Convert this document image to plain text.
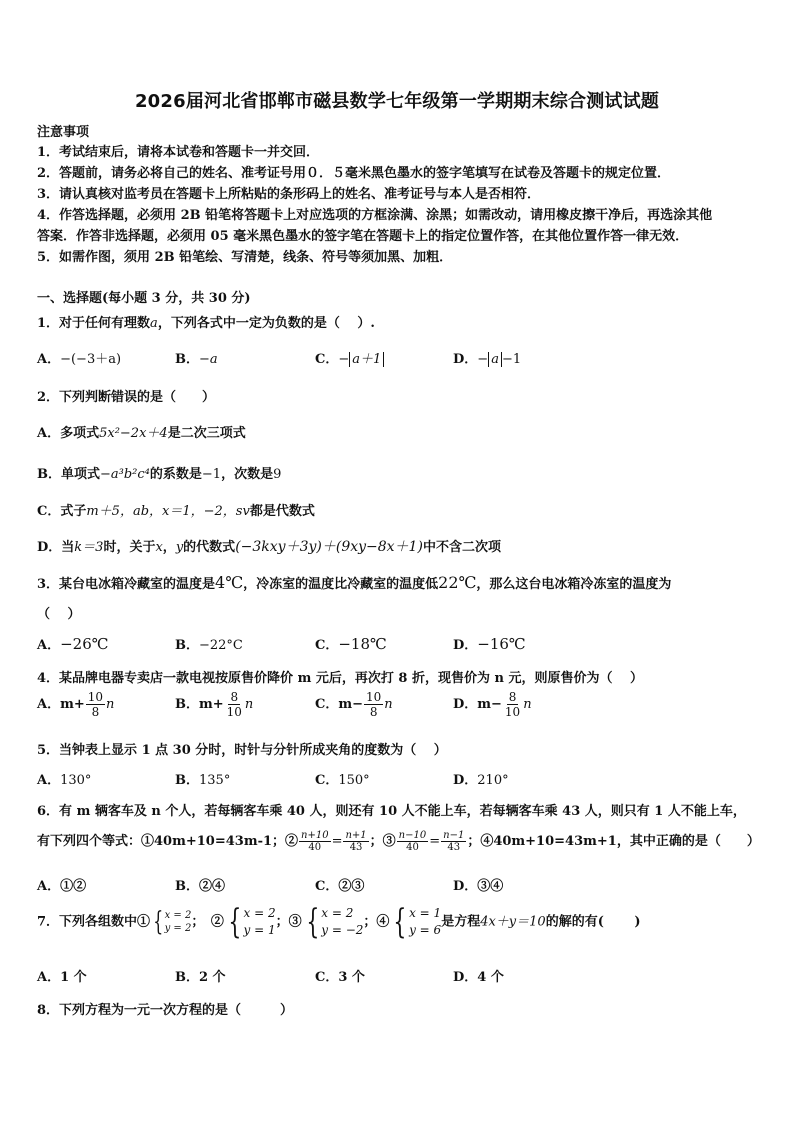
2026届河北省邯郸市磁县数学七年级第一学期期末综合测试试题
注意事项
1．考试结束后，请将本试卷和答题卡一并交回．
2．答题前，请务必将自己的姓名、准考证号用０．５毫米黑色墨水的签字笔填写在试卷及答题卡的规定位置．
3．请认真核对监考员在答题卡上所粘贴的条形码上的姓名、准考证号与本人是否相符．
4．作答选择题，必须用 2B 铅笔将答题卡上对应选项的方框涂满、涂黑；如需改动，请用橡皮擦干净后，再选涂其他
答案．作答非选择题，必须用 05 毫米黑色墨水的签字笔在答题卡上的指定位置作答，在其他位置作答一律无效．
5．如需作图，须用 2B 铅笔绘、写清楚，线条、符号等须加黑、加粗．
一、选择题(每小题 3 分，共 30 分)
1．对于任何有理数a，下列各式中一定为负数的是（　 ）.
A．−(−3＋a)	B．−a	C．− a＋1	D．− a −1
2．下列判断错误的是（　　）
A．多项式5x²−2x＋4是二次三项式
B．单项式−a³b²c⁴的系数是−1，次数是9
C．式子m＋5，ab，x＝1，−2，sv都是代数式
D．当k＝3时，关于x，y的代数式(−3kxy＋3y)＋(9xy−8x＋1)中不含二次项
3．某台电冰箱冷藏室的温度是4℃，冷冻室的温度比冷藏室的温度低22℃，那么这台电冰箱冷冻室的温度为
（　 ）
A．−26℃	B．−22°C	C．−18℃	D．−16℃
4．某品牌电器专卖店一款电视按原售价降价 m 元后，再次打 8 折，现售价为 n 元，则原售价为（　 ）
A．$m+ \frac{10}{8}$ n	B．$m+ \frac{8}{10}$ n	C．$m- \frac{10}{8}$ n	D．$m- \frac{8}{10}$ n
5．当钟表上显示 1 点 30 分时，时针与分针所成夹角的度数为（　 ）
A．130°	B．135°	C．150°	D．210°
6．有 m 辆客车及 n 个人，若每辆客车乘 40 人，则还有 10 人不能上车，若每辆客车乘 43 人，则只有 1 人不能上车，
有下列四个等式：①40m+10=43m-1；② $\frac{n+10}{40} = \frac{n+1}{43}$ ；③ $\frac{n-10}{40} = \frac{n-1}{43}$ ；④40m+10=43m+1，其中正确的是（　　）
A．①②	B．②④	C．②③	D．③④
7．下列各组数中① { x = 2
y = 2 ；　② { x = 2
y = 1
；③ { x = 2
y = −2
；④ { x = 1
y = 6
是方程4x＋y＝10的解的有(　　 )
A．1 个	B．2 个	C．3 个	D．4 个
8．下列方程为一元一次方程的是（　　　）
